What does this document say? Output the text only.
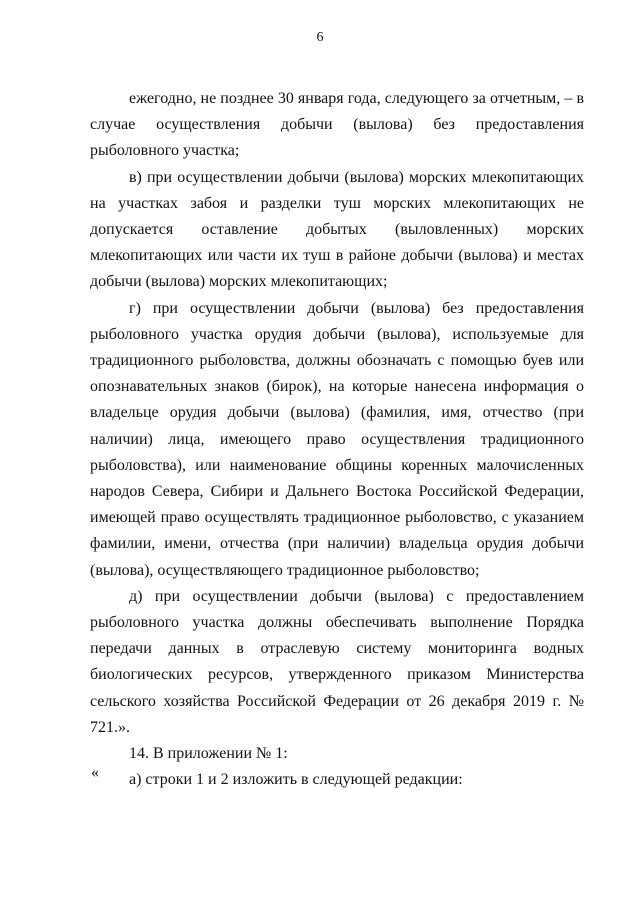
6

ежегодно, не позднее 30 января года, следующего за отчетным, – в случае осуществления добычи (вылова) без предоставления рыболовного участка;

в) при осуществлении добычи (вылова) морских млекопитающих на участках забоя и разделки туш морских млекопитающих не допускается оставление добытых (выловленных) морских млекопитающих или части их туш в районе добычи (вылова) и местах добычи (вылова) морских млекопитающих;

г) при осуществлении добычи (вылова) без предоставления рыболовного участка орудия добычи (вылова), используемые для традиционного рыболовства, должны обозначать с помощью буев или опознавательных знаков (бирок), на которые нанесена информация о владельце орудия добычи (вылова) (фамилия, имя, отчество (при наличии) лица, имеющего право осуществления традиционного рыболовства), или наименование общины коренных малочисленных народов Севера, Сибири и Дальнего Востока Российской Федерации, имеющей право осуществлять традиционное рыболовство, с указанием фамилии, имени, отчества (при наличии) владельца орудия добычи (вылова), осуществляющего традиционное рыболовство;

д) при осуществлении добычи (вылова) с предоставлением рыболовного участка должны обеспечивать выполнение Порядка передачи данных в отраслевую систему мониторинга водных биологических ресурсов, утвержденного приказом Министерства сельского хозяйства Российской Федерации от 26 декабря 2019 г. № 721.».

14. В приложении № 1:

а) строки 1 и 2 изложить в следующей редакции:

«
